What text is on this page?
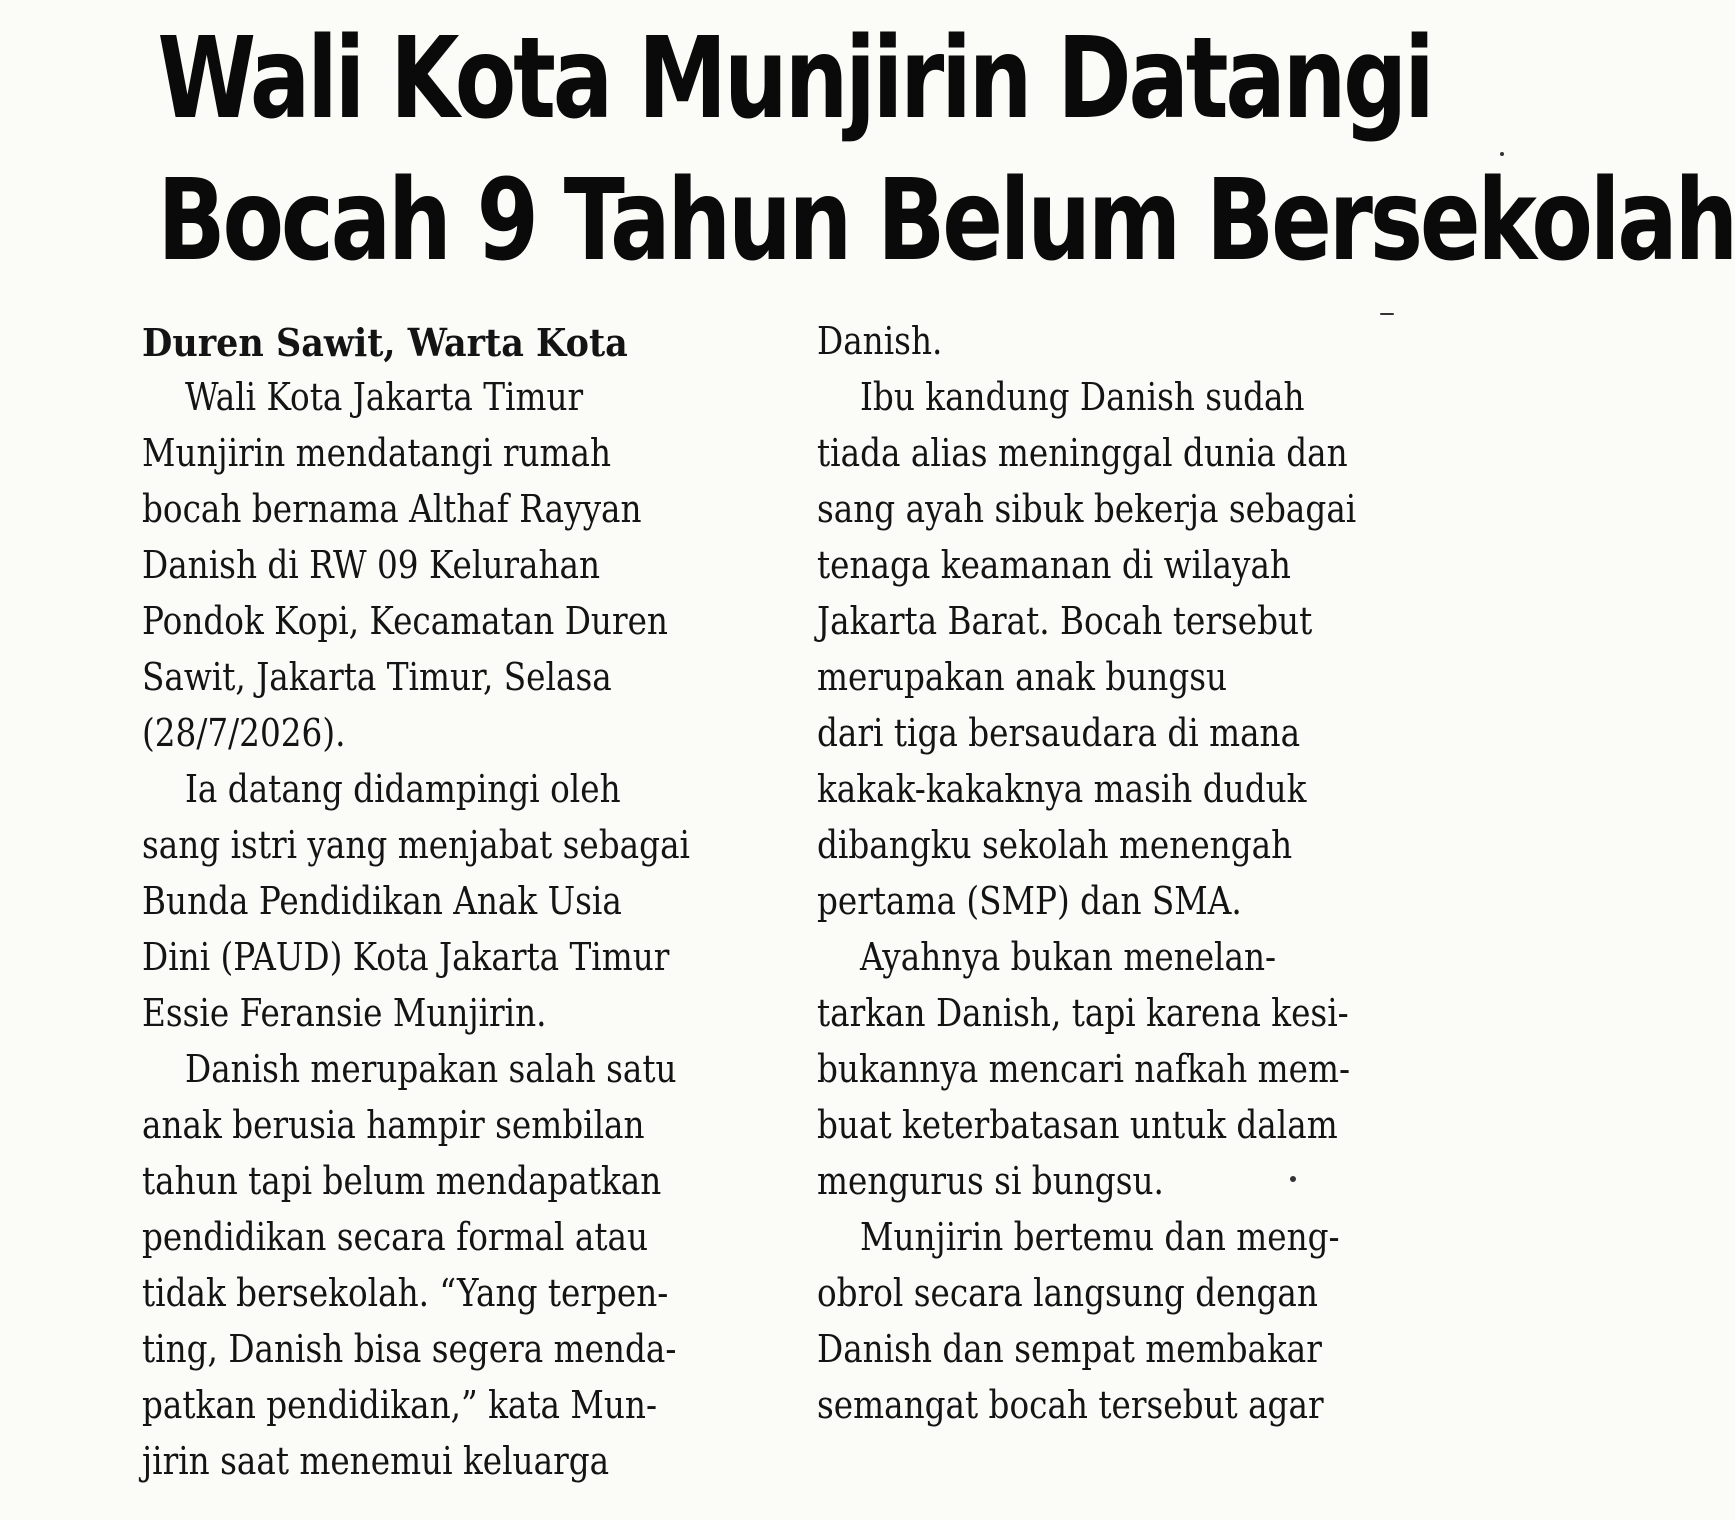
Wali Kota Munjirin Datangi
Bocah 9 Tahun Belum Bersekolah
Duren Sawit, Warta Kota

Wali Kota Jakarta Timur
Munjirin mendatangi rumah
bocah bernama Althaf Rayyan
Danish di RW 09 Kelurahan
Pondok Kopi, Kecamatan Duren
Sawit, Jakarta Timur, Selasa
(28/7/2026).

Ia datang didampingi oleh
sang istri yang menjabat sebagai
Bunda Pendidikan Anak Usia
Dini (PAUD) Kota Jakarta Timur
Essie Feransie Munjirin.

Danish merupakan salah satu
anak berusia hampir sembilan
tahun tapi belum mendapatkan
pendidikan secara formal atau
tidak bersekolah. “Yang terpen-
ting, Danish bisa segera menda-
patkan pendidikan,” kata Mun-
jirin saat menemui keluarga

Danish.

Ibu kandung Danish sudah
tiada alias meninggal dunia dan
sang ayah sibuk bekerja sebagai
tenaga keamanan di wilayah
Jakarta Barat. Bocah tersebut
merupakan anak bungsu
dari tiga bersaudara di mana
kakak-kakaknya masih duduk
dibangku sekolah menengah
pertama (SMP) dan SMA.

Ayahnya bukan menelan-
tarkan Danish, tapi karena kesi-
bukannya mencari nafkah mem-
buat keterbatasan untuk dalam
mengurus si bungsu.

Munjirin bertemu dan meng-
obrol secara langsung dengan
Danish dan sempat membakar
semangat bocah tersebut agar
